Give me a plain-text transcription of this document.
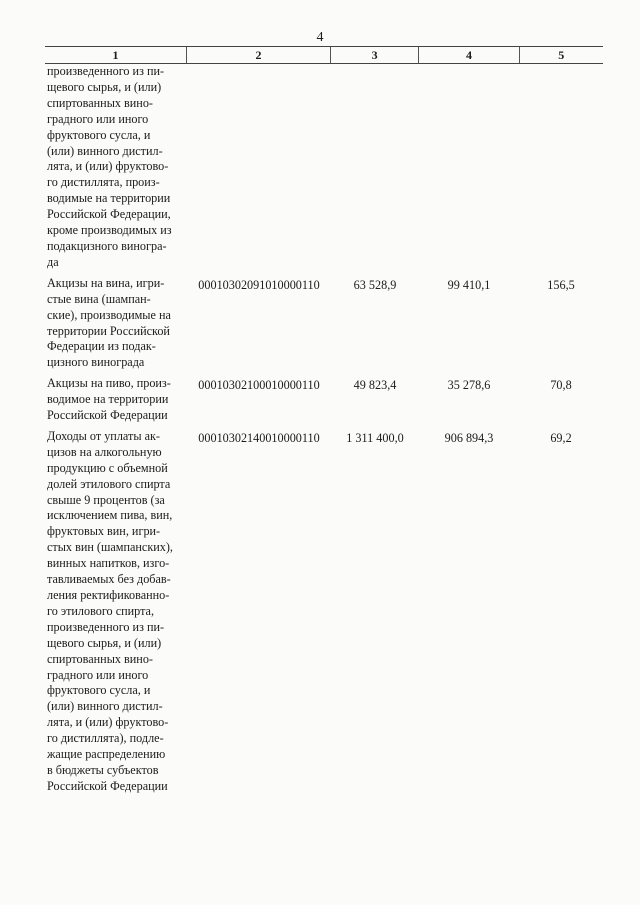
4
1	2	3	4	5
произведенного из пи-
щевого сырья, и (или)
спиртованных вино-
градного или иного
фруктового сусла, и
(или) винного дистил-
лята, и (или) фруктово-
го дистиллята, произ-
водимые на территории
Российской Федерации,
кроме производимых из
подакцизного виногра-
да
Акцизы на вина, игри-
стые вина (шампан-
ские), производимые на
территории Российской
Федерации из подак-
цизного винограда
00010302091010000110	63 528,9	99 410,1	156,5
Акцизы на пиво, произ-
водимое на территории
Российской Федерации
00010302100010000110	49 823,4	35 278,6	70,8
Доходы от уплаты ак-
цизов на алкогольную
продукцию с объемной
долей этилового спирта
свыше 9 процентов (за
исключением пива, вин,
фруктовых вин, игри-
стых вин (шампанских),
винных напитков, изго-
тавливаемых без добав-
ления ректификованно-
го этилового спирта,
произведенного из пи-
щевого сырья, и (или)
спиртованных вино-
градного или иного
фруктового сусла, и
(или) винного дистил-
лята, и (или) фруктово-
го дистиллята), подле-
жащие распределению
в бюджеты субъектов
Российской Федерации
00010302140010000110	1 311 400,0	906 894,3	69,2
